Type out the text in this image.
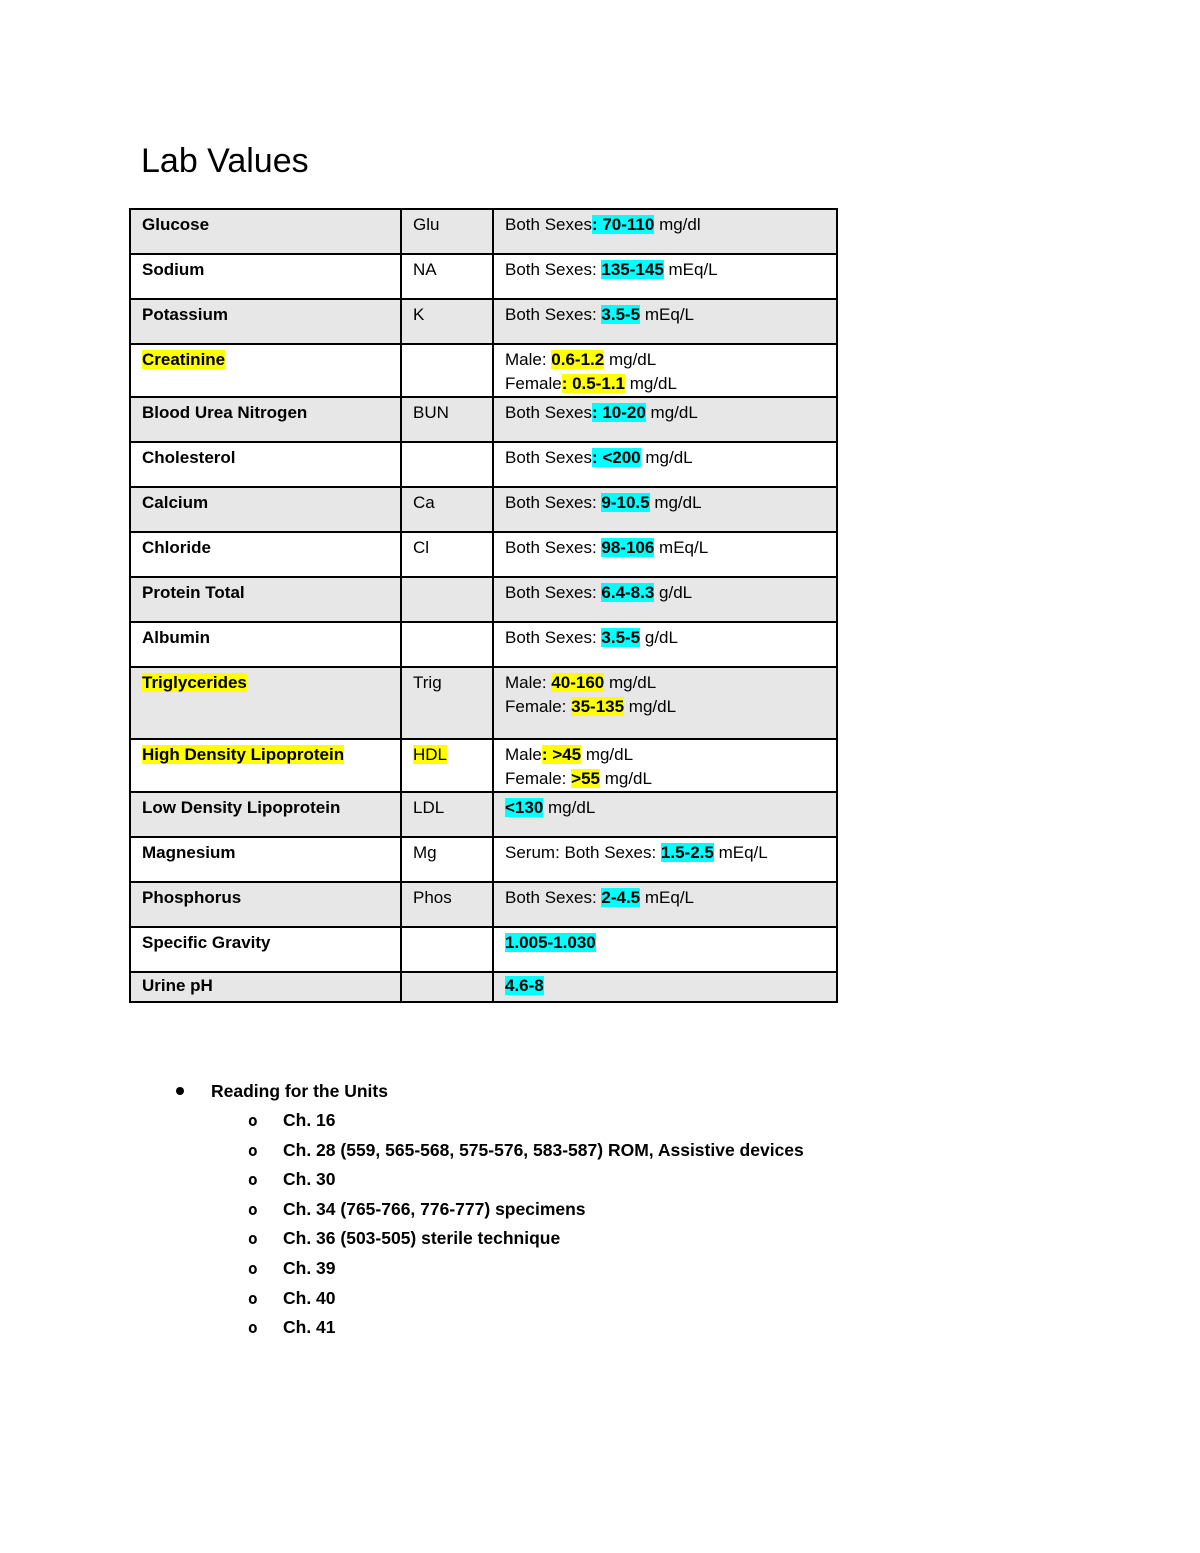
Lab Values
Glucose	Glu	Both Sexes: 70-110 mg/dl

Sodium	NA	Both Sexes: 135-145 mEq/L

Potassium	K	Both Sexes: 3.5-5 mEq/L

Creatinine		Male: 0.6-1.2 mg/dL
Female: 0.5-1.1 mg/dL

Blood Urea Nitrogen	BUN	Both Sexes: 10-20 mg/dL

Cholesterol		Both Sexes: <200 mg/dL

Calcium	Ca	Both Sexes: 9-10.5 mg/dL

Chloride	Cl	Both Sexes: 98-106 mEq/L

Protein Total		Both Sexes: 6.4-8.3 g/dL

Albumin		Both Sexes: 3.5-5 g/dL

Triglycerides	Trig	Male: 40-160 mg/dL
Female: 35-135 mg/dL

High Density Lipoprotein	HDL	Male: >45 mg/dL
Female: >55 mg/dL

Low Density Lipoprotein	LDL	<130 mg/dL

Magnesium	Mg	Serum: Both Sexes: 1.5-2.5 mEq/L

Phosphorus	Phos	Both Sexes: 2-4.5 mEq/L

Specific Gravity		1.005-1.030

Urine pH		4.6-8
Reading for the Units
o Ch. 16
o Ch. 28 (559, 565-568, 575-576, 583-587) ROM, Assistive devices
o Ch. 30
o Ch. 34 (765-766, 776-777) specimens
o Ch. 36 (503-505) sterile technique
o Ch. 39
o Ch. 40
o Ch. 41
